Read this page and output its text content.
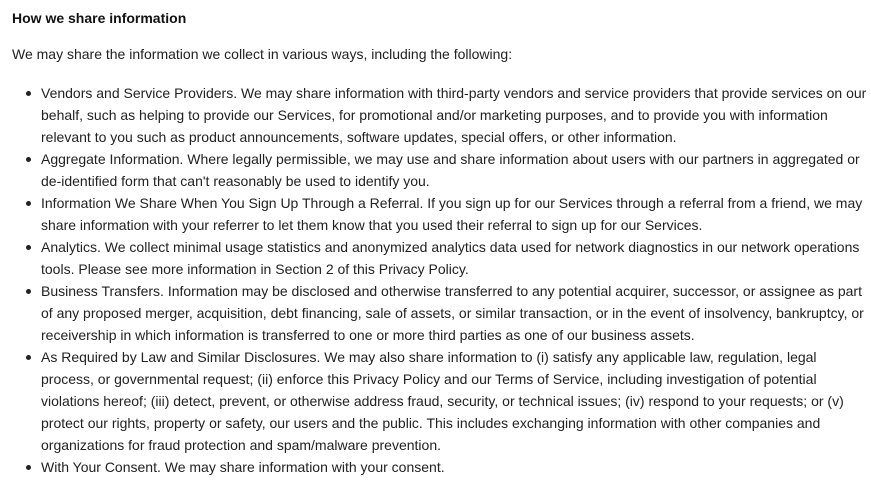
How we share information

We may share the information we collect in various ways, including the following:

Vendors and Service Providers. We may share information with third-party vendors and service providers that provide services on our behalf, such as helping to provide our Services, for promotional and/or marketing purposes, and to provide you with information relevant to you such as product announcements, software updates, special offers, or other information.
Aggregate Information. Where legally permissible, we may use and share information about users with our partners in aggregated or de-identified form that can't reasonably be used to identify you.
Information We Share When You Sign Up Through a Referral. If you sign up for our Services through a referral from a friend, we may share information with your referrer to let them know that you used their referral to sign up for our Services.
Analytics. We collect minimal usage statistics and anonymized analytics data used for network diagnostics in our network operations tools. Please see more information in Section 2 of this Privacy Policy.
Business Transfers. Information may be disclosed and otherwise transferred to any potential acquirer, successor, or assignee as part of any proposed merger, acquisition, debt financing, sale of assets, or similar transaction, or in the event of insolvency, bankruptcy, or receivership in which information is transferred to one or more third parties as one of our business assets.
As Required by Law and Similar Disclosures. We may also share information to (i) satisfy any applicable law, regulation, legal process, or governmental request; (ii) enforce this Privacy Policy and our Terms of Service, including investigation of potential violations hereof; (iii) detect, prevent, or otherwise address fraud, security, or technical issues; (iv) respond to your requests; or (v) protect our rights, property or safety, our users and the public. This includes exchanging information with other companies and organizations for fraud protection and spam/malware prevention.
With Your Consent. We may share information with your consent.
